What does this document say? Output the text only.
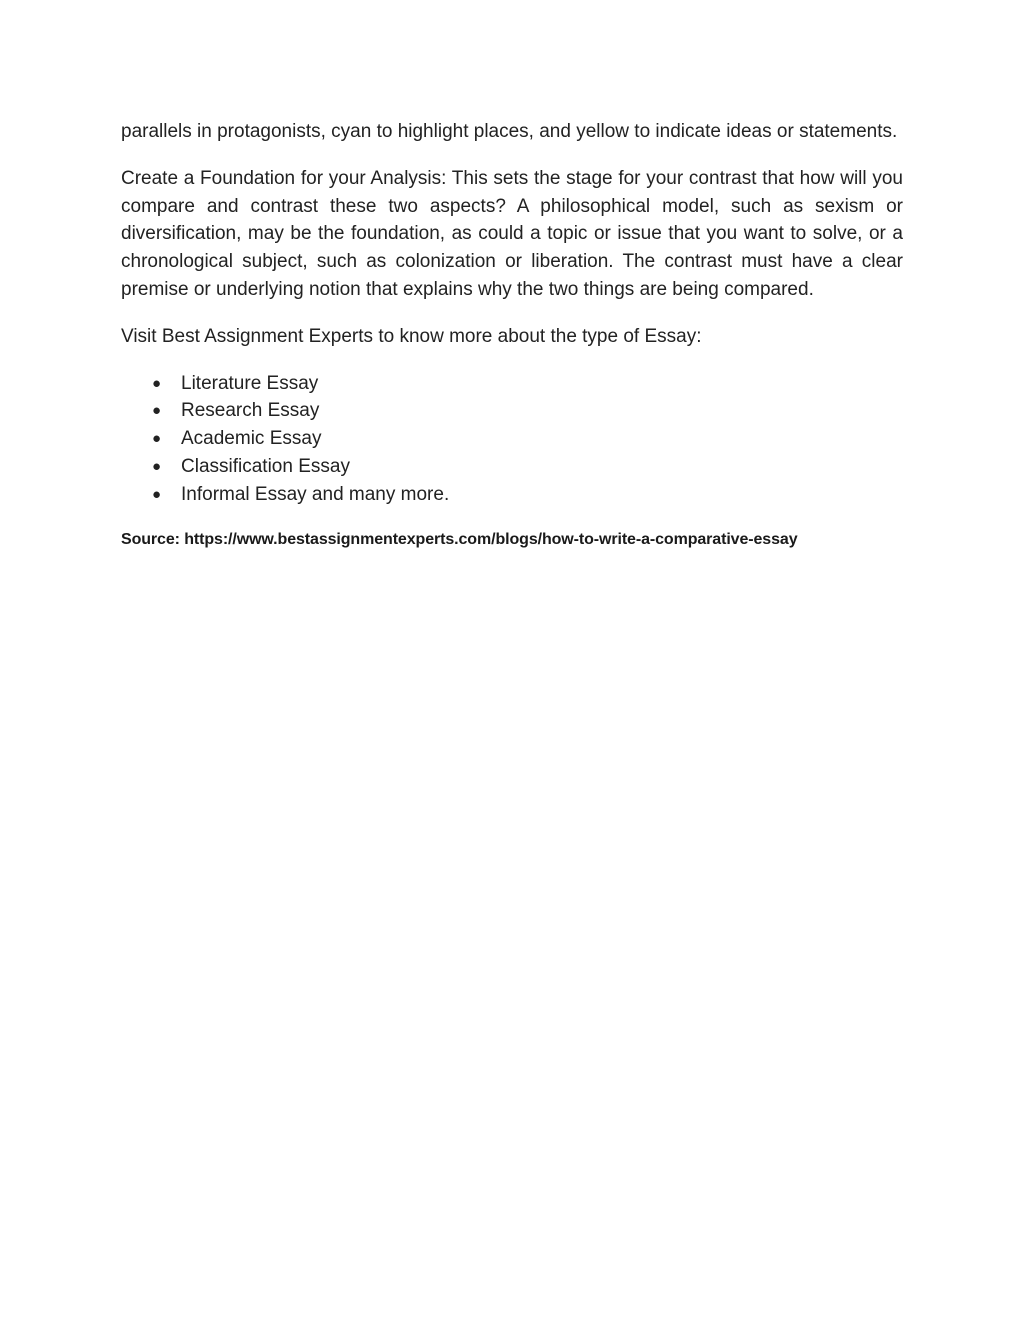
parallels in protagonists, cyan to highlight places, and yellow to indicate ideas or statements.

Create a Foundation for your Analysis: This sets the stage for your contrast that how will you compare and contrast these two aspects? A philosophical model, such as sexism or diversification, may be the foundation, as could a topic or issue that you want to solve, or a chronological subject, such as colonization or liberation. The contrast must have a clear premise or underlying notion that explains why the two things are being compared.

Visit Best Assignment Experts to know more about the type of Essay:

● Literature Essay
● Research Essay
● Academic Essay
● Classification Essay
● Informal Essay and many more.
Source: https://www.bestassignmentexperts.com/blogs/how-to-write-a-comparative-essay
